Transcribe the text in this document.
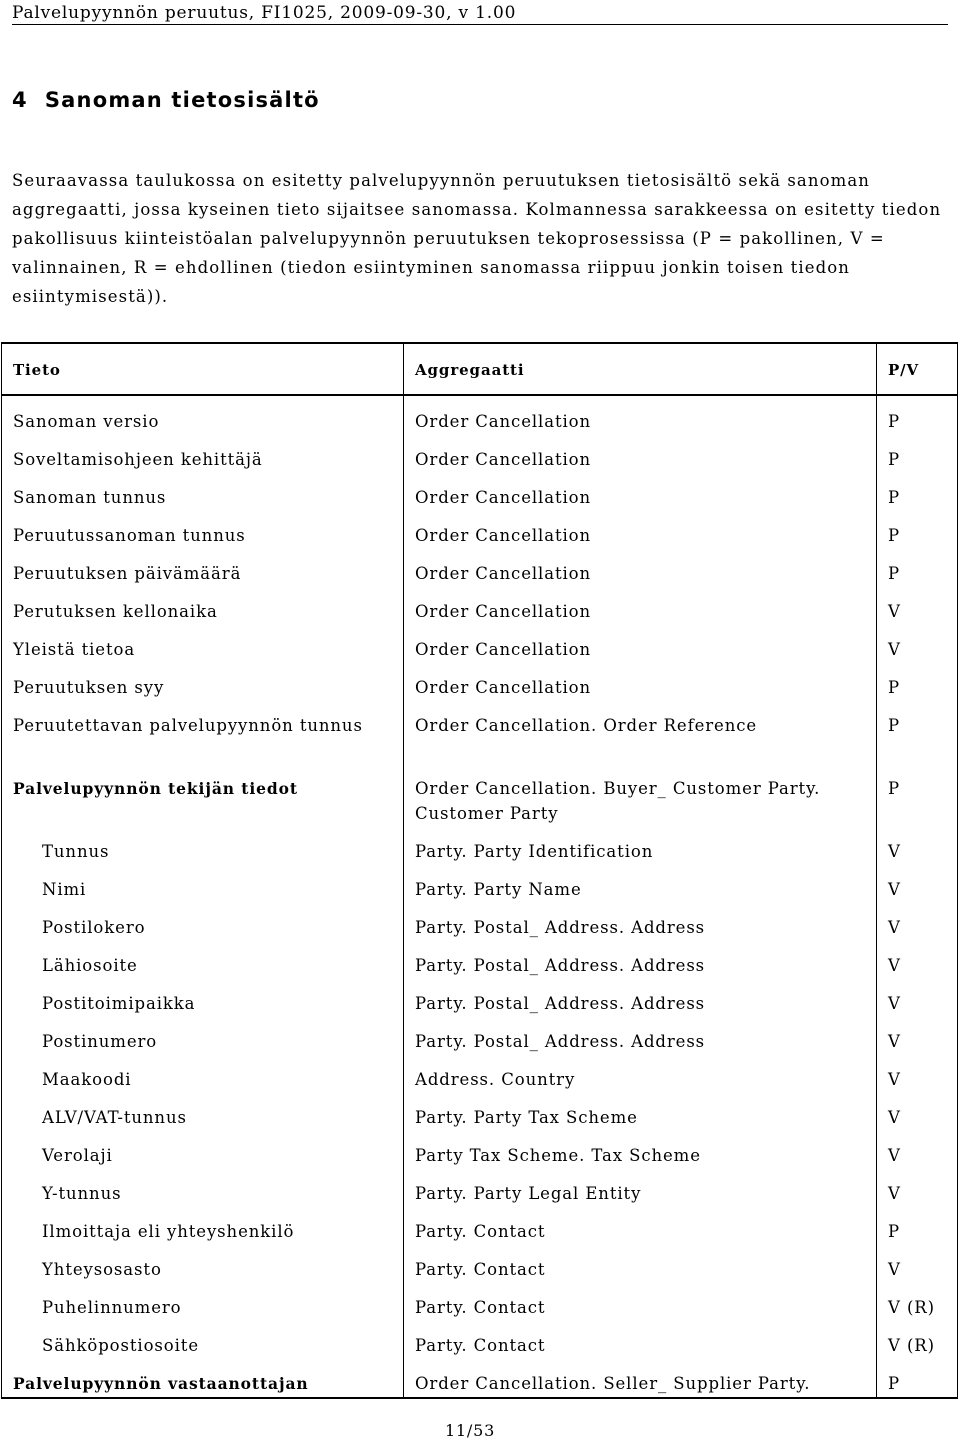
Palvelupyynnön peruutus, FI1025, 2009-09-30, v 1.00
4 Sanoman tietosisältö

Seuraavassa taulukossa on esitetty palvelupyynnön peruutuksen tietosisältö sekä sanoman aggregaatti, jossa kyseinen tieto sijaitsee sanomassa. Kolmannessa sarakkeessa on esitetty tiedon pakollisuus kiinteistöalan palvelupyynnön peruutuksen tekoprosessissa (P = pakollinen, V = valinnainen, R = ehdollinen (tiedon esiintyminen sanomassa riippuu jonkin toisen tiedon esiintymisestä)).

Tieto	Aggregaatti	P/V
Sanoman versio	Order Cancellation	P
Soveltamisohjeen kehittäjä	Order Cancellation	P
Sanoman tunnus	Order Cancellation	P
Peruutussanoman tunnus	Order Cancellation	P
Peruutuksen päivämäärä	Order Cancellation	P
Perutuksen kellonaika	Order Cancellation	V
Yleistä tietoa	Order Cancellation	V
Peruutuksen syy	Order Cancellation	P
Peruutettavan palvelupyynnön tunnus	Order Cancellation. Order Reference	P
Palvelupyynnön tekijän tiedot	Order Cancellation. Buyer_ Customer Party. Customer Party	P
Tunnus	Party. Party Identification	V
Nimi	Party. Party Name	V
Postilokero	Party. Postal_ Address. Address	V
Lähiosoite	Party. Postal_ Address. Address	V
Postitoimipaikka	Party. Postal_ Address. Address	V
Postinumero	Party. Postal_ Address. Address	V
Maakoodi	Address. Country	V
ALV/VAT-tunnus	Party. Party Tax Scheme	V
Verolaji	Party Tax Scheme. Tax Scheme	V
Y-tunnus	Party. Party Legal Entity	V
Ilmoittaja eli yhteyshenkilö	Party. Contact	P
Yhteysosasto	Party. Contact	V
Puhelinnumero	Party. Contact	V (R)
Sähköpostiosoite	Party. Contact	V (R)
Palvelupyynnön vastaanottajan	Order Cancellation. Seller_ Supplier Party.	P
11/53
